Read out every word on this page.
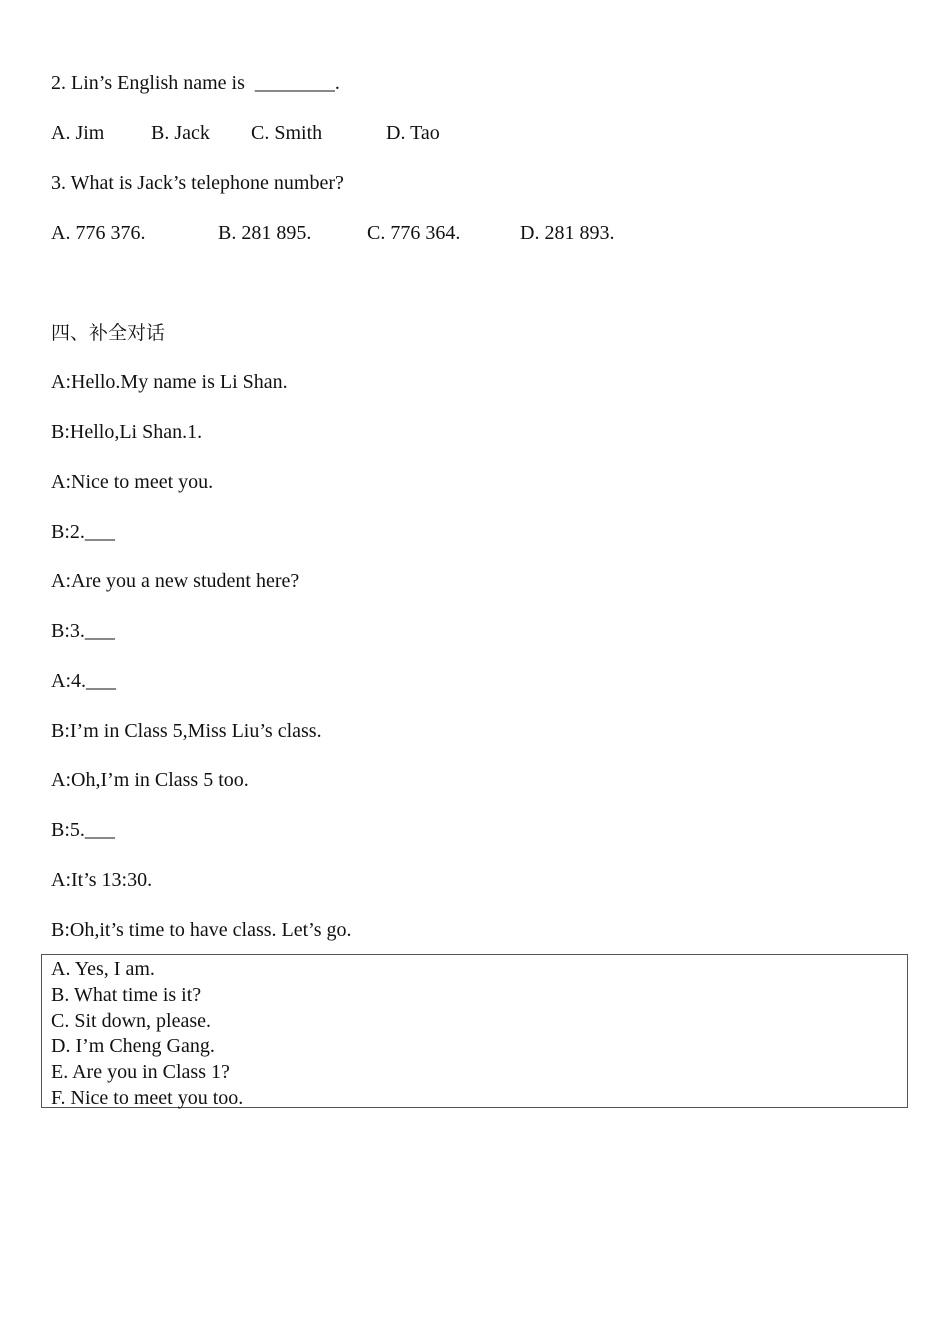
2. Lin’s English name is  ________.
A. Jim B. Jack C. Smith	D. Tao
3. What is Jack’s telephone number?
A. 776 376.	B. 281 895.	C. 776 364.	D. 281 893.
四、补全对话
A:Hello.My name is Li Shan.
B:Hello,Li Shan.1.
A:Nice to meet you.
B:2.___
A:Are you a new student here?
B:3.___
A:4.___
B:I’m in Class 5,Miss Liu’s class.
A:Oh,I’m in Class 5 too.
B:5.___
A:It’s 13:30.
B:Oh,it’s time to have class. Let’s go.
A. Yes, I am.
B. What time is it?
C. Sit down, please.
D. I’m Cheng Gang.
E. Are you in Class 1?
F. Nice to meet you too.
